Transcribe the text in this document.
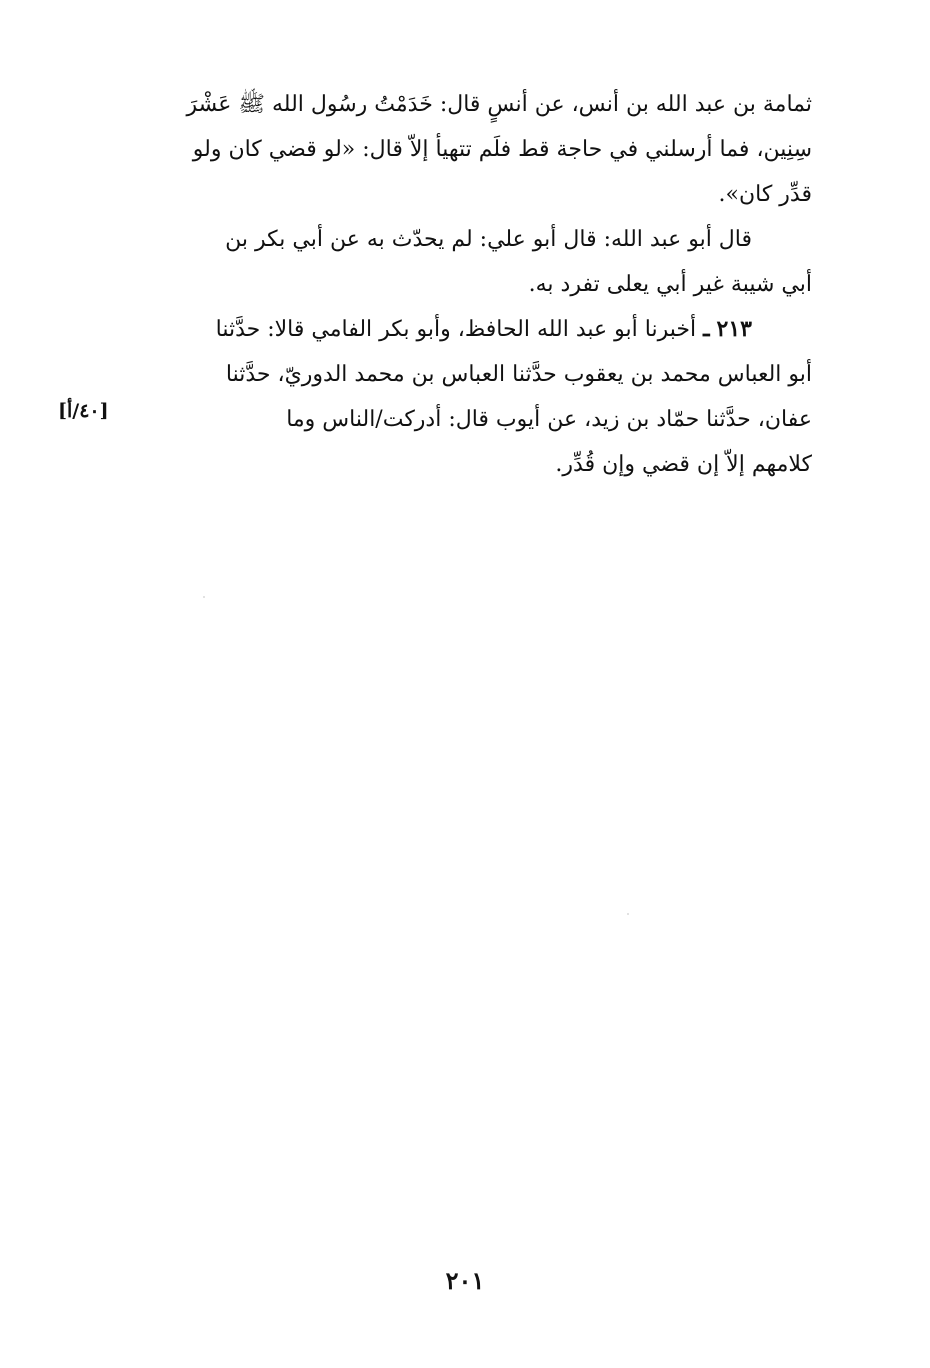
ثمامة بن عبد الله بن أنس، عن أنسٍ قال: خَدَمْتُ رسُول الله ﷺ عَشْرَ
سِنِين، فما أرسلني في حاجة قط فلَم تتهيأ إلاّ قال: «لو قضي كان ولو
قدِّر كان».

قال أبو عبد الله: قال أبو علي: لم يحدّث به عن أبي بكر بن
أبي شيبة غير أبي يعلى تفرد به.

٢١٣ ـ أخبرنا أبو عبد الله الحافظ، وأبو بكر الفامي قالا: حدَّثنا
أبو العباس محمد بن يعقوب حدَّثنا العباس بن محمد الدوريّ، حدَّثنا
عفان، حدَّثنا حمّاد بن زيد، عن أيوب قال: أدركت/الناس وما
كلامهم إلاّ إن قضي وإن قُدِّر.

[٤٠/أ]
٢٠١
